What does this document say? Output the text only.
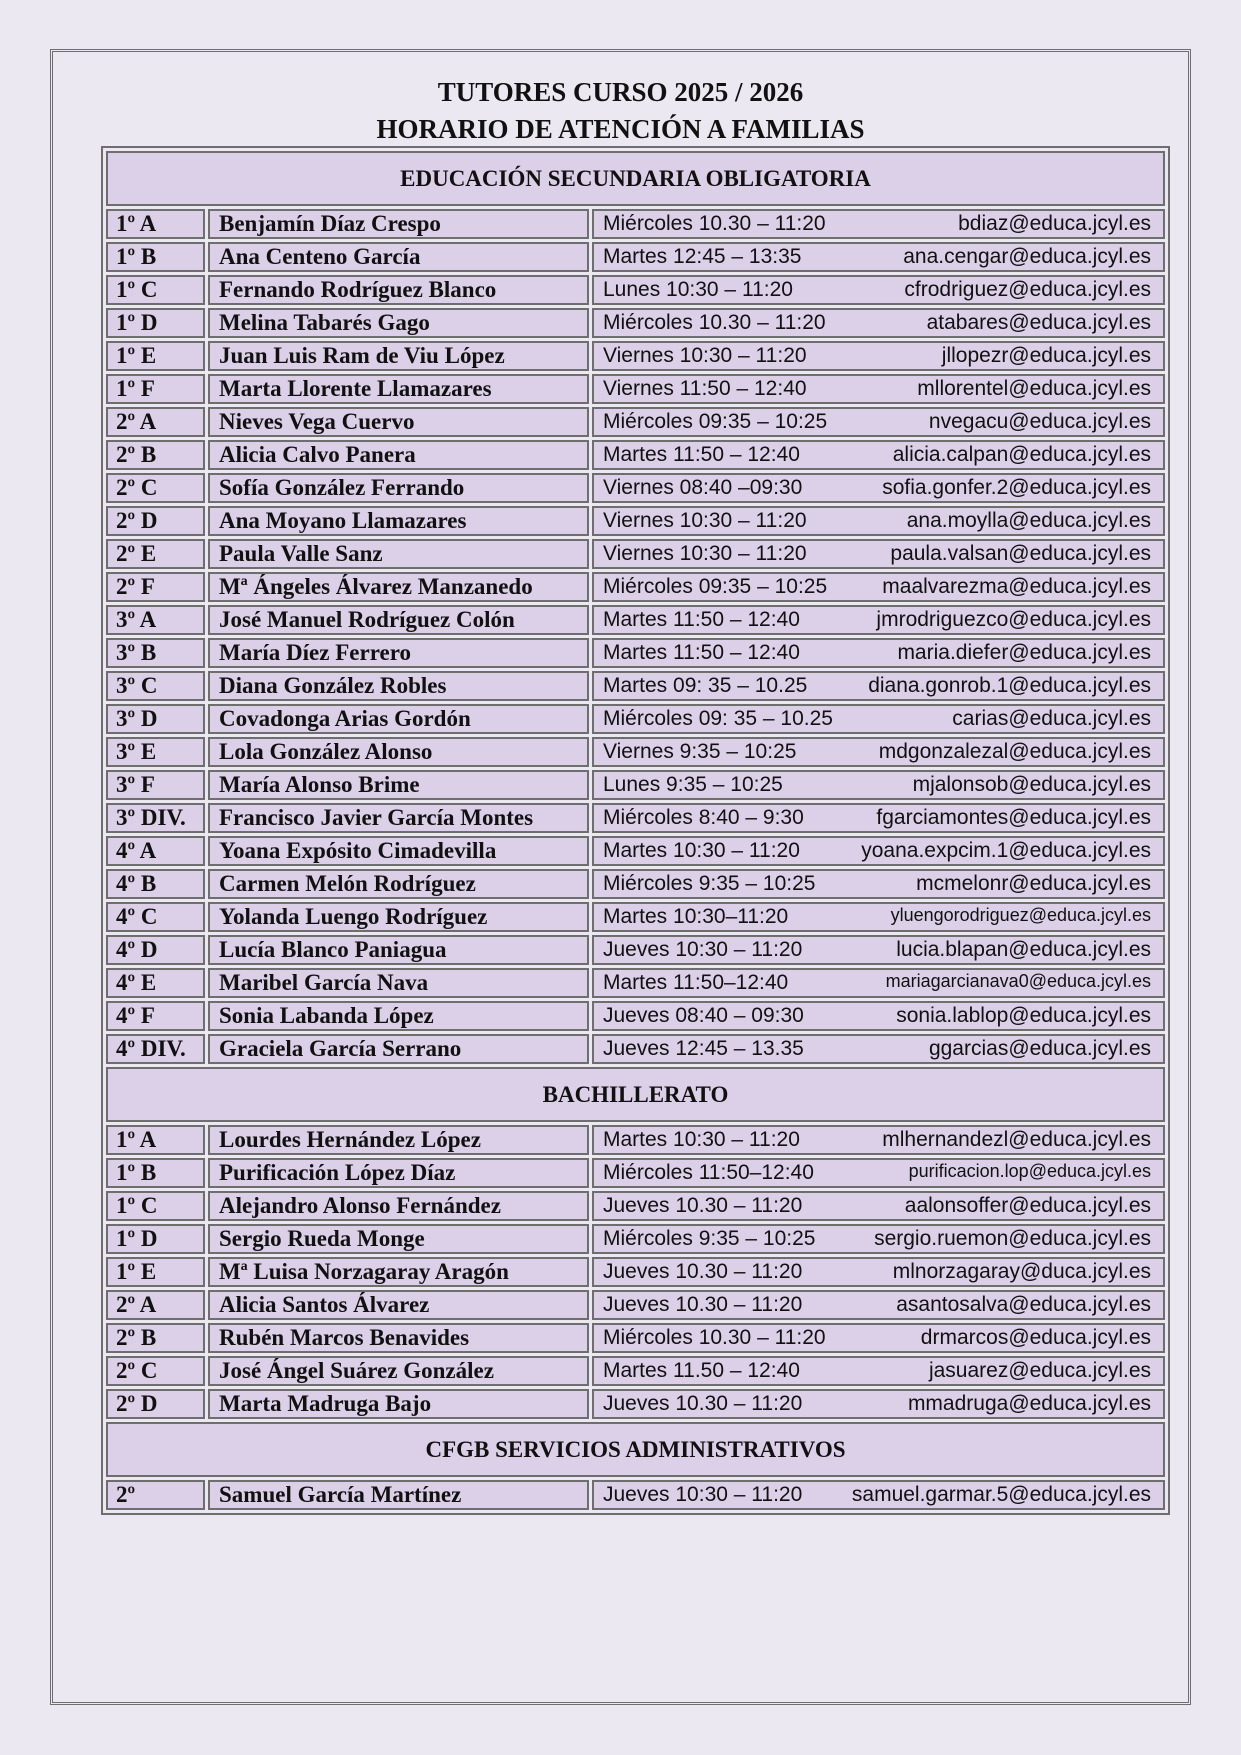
TUTORES CURSO 2025 / 2026
HORARIO DE ATENCIÓN A FAMILIAS
EDUCACIÓN SECUNDARIA OBLIGATORIA		
1º A	Benjamín Díaz Crespo	Miércoles 10.30 – 11:20 bdiaz@educa.jcyl.es

1º B	Ana Centeno García	Martes 12:45 – 13:35 ana.cengar@educa.jcyl.es

1º C	Fernando Rodríguez Blanco	Lunes 10:30 – 11:20 cfrodriguez@educa.jcyl.es

1º D	Melina Tabarés Gago	Miércoles 10.30 – 11:20 atabares@educa.jcyl.es

1º E	Juan Luis Ram de Viu López	Viernes 10:30 – 11:20 jllopezr@educa.jcyl.es

1º F	Marta Llorente Llamazares	Viernes 11:50 – 12:40 mllorentel@educa.jcyl.es

2º A	Nieves Vega Cuervo	Miércoles 09:35 – 10:25 nvegacu@educa.jcyl.es

2º B	Alicia Calvo Panera	Martes 11:50 – 12:40 alicia.calpan@educa.jcyl.es

2º C	Sofía González Ferrando	Viernes 08:40 –09:30 sofia.gonfer.2@educa.jcyl.es

2º D	Ana Moyano Llamazares	Viernes 10:30 – 11:20 ana.moylla@educa.jcyl.es

2º E	Paula Valle Sanz	Viernes 10:30 – 11:20 paula.valsan@educa.jcyl.es

2º F	Mª Ángeles Álvarez Manzanedo	Miércoles 09:35 – 10:25 maalvarezma@educa.jcyl.es

3º A	José Manuel Rodríguez Colón	Martes 11:50 – 12:40 jmrodriguezco@educa.jcyl.es

3º B	María Díez Ferrero	Martes 11:50 – 12:40 maria.diefer@educa.jcyl.es

3º C	Diana González Robles	Martes 09: 35 – 10.25 diana.gonrob.1@educa.jcyl.es

3º D	Covadonga Arias Gordón	Miércoles 09: 35 – 10.25 carias@educa.jcyl.es

3º E	Lola González Alonso	Viernes 9:35 – 10:25 mdgonzalezal@educa.jcyl.es

3º F	María Alonso Brime	Lunes 9:35 – 10:25 mjalonsob@educa.jcyl.es

3º DIV.	Francisco Javier García Montes	Miércoles 8:40 – 9:30 fgarciamontes@educa.jcyl.es

4º A	Yoana Expósito Cimadevilla	Martes 10:30 – 11:20 yoana.expcim.1@educa.jcyl.es

4º B	Carmen Melón Rodríguez	Miércoles 9:35 – 10:25 mcmelonr@educa.jcyl.es

4º C	Yolanda Luengo Rodríguez	Martes 10:30–11:20 yluengorodriguez@educa.jcyl.es

4º D	Lucía Blanco Paniagua	Jueves 10:30 – 11:20 lucia.blapan@educa.jcyl.es

4º E	Maribel García Nava	Martes 11:50–12:40 mariagarcianava0@educa.jcyl.es

4º F	Sonia Labanda López	Jueves 08:40 – 09:30 sonia.lablop@educa.jcyl.es

4º DIV.	Graciela García Serrano	Jueves 12:45 – 13.35 ggarcias@educa.jcyl.es

BACHILLERATO		
1º A	Lourdes Hernández López	Martes 10:30 – 11:20 mlhernandezl@educa.jcyl.es

1º B	Purificación López Díaz	Miércoles 11:50–12:40 purificacion.lop@educa.jcyl.es

1º C	Alejandro Alonso Fernández	Jueves 10.30 – 11:20 aalonsoffer@educa.jcyl.es

1º D	Sergio Rueda Monge	Miércoles 9:35 – 10:25 sergio.ruemon@educa.jcyl.es

1º E	Mª Luisa Norzagaray Aragón	Jueves 10.30 – 11:20 mlnorzagaray@duca.jcyl.es

2º A	Alicia Santos Álvarez	Jueves 10.30 – 11:20 asantosalva@educa.jcyl.es

2º B	Rubén Marcos Benavides	Miércoles 10.30 – 11:20 drmarcos@educa.jcyl.es

2º C	José Ángel Suárez González	Martes 11.50 – 12:40 jasuarez@educa.jcyl.es

2º D	Marta Madruga Bajo	Jueves 10.30 – 11:20 mmadruga@educa.jcyl.es

CFGB SERVICIOS ADMINISTRATIVOS		
2º	Samuel García Martínez	Jueves 10:30 – 11:20 samuel.garmar.5@educa.jcyl.es
